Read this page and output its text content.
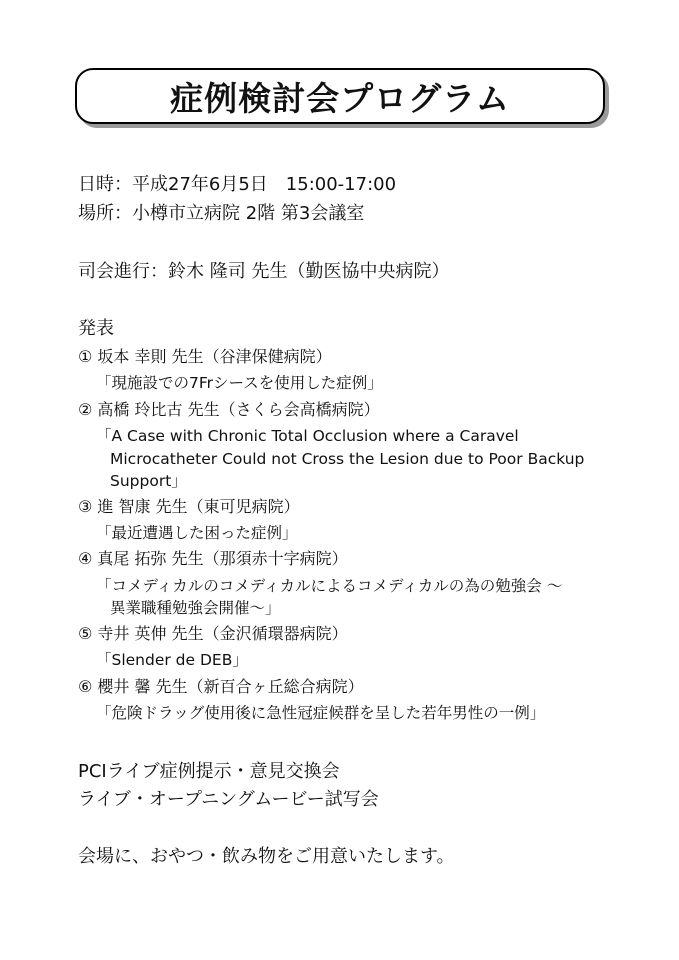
症例検討会プログラム
日時：平成27年6月5日　15:00-17:00
場所：小樽市立病院 2階 第3会議室
司会進行：鈴木 隆司 先生（勤医協中央病院）
発表
① 坂本 幸則 先生（谷津保健病院）
「現施設での7Frシースを使用した症例」
② 高橋 玲比古 先生（さくら会高橋病院）
「A Case with Chronic Total Occlusion where a Caravel
Microcatheter Could not Cross the Lesion due to Poor Backup
Support」
③ 進 智康 先生（東可児病院）
「最近遭遇した困った症例」
④ 真尾 拓弥 先生（那須赤十字病院）
「コメディカルのコメディカルによるコメディカルの為の勉強会 ～
異業職種勉強会開催～」
⑤ 寺井 英伸 先生（金沢循環器病院）
「Slender de DEB」
⑥ 櫻井 馨 先生（新百合ヶ丘総合病院）
「危険ドラッグ使用後に急性冠症候群を呈した若年男性の一例」
PCIライブ症例提示・意見交換会
ライブ・オープニングムービー試写会
会場に、おやつ・飲み物をご用意いたします。
